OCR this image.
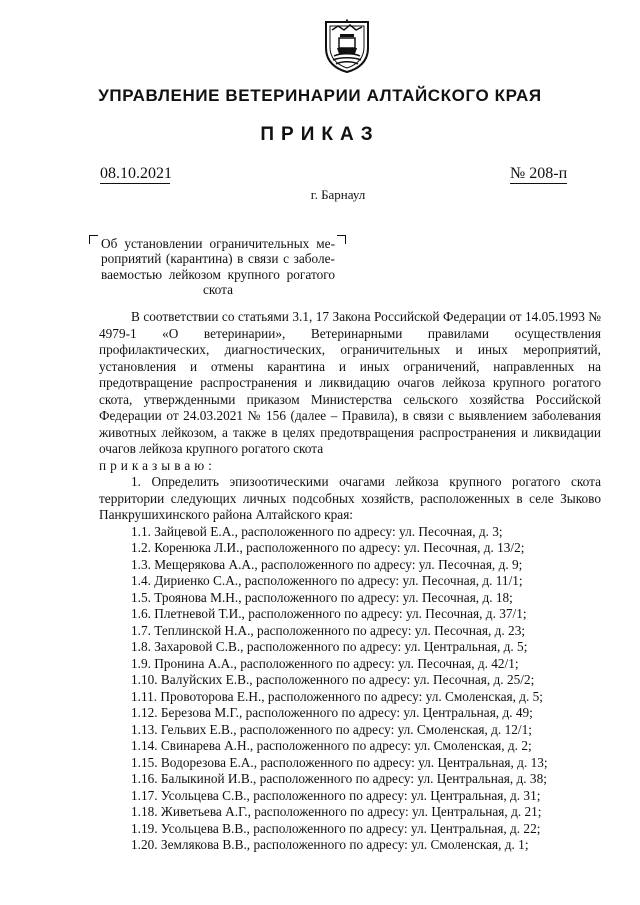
УПРАВЛЕНИЕ ВЕТЕРИНАРИИ АЛТАЙСКОГО КРАЯ
ПРИКАЗ
08.10.2021	№ 208-п
г. Барнаул
Об установлении ограничительных ме-
роприятий (карантина) в связи с заболе-
ваемостью лейкозом крупного рогатого
скота

В соответствии со статьями 3.1, 17 Закона Российской Федерации от 14.05.1993 № 4979-1 «О ветеринарии», Ветеринарными правилами осуществления профилактических, диагностических, ограничительных и иных мероприятий, установления и отмены карантина и иных ограничений, направленных на предотвращение распространения и ликвидацию очагов лейкоза крупного рогатого скота, утвержденными приказом Министерства сельского хозяйства Российской Федерации от 24.03.2021 № 156 (далее – Правила), в связи с выявлением заболевания животных лейкозом, а также в целях предотвращения распространения и ликвидации очагов лейкоза крупного рогатого скота

приказываю:

1. Определить эпизоотическими очагами лейкоза крупного рогатого скота территории следующих личных подсобных хозяйств, расположенных в селе Зыково Панкрушихинского района Алтайского края:

1.1. Зайцевой Е.А., расположенного по адресу: ул. Песочная, д. 3;
1.2. Коренюка Л.И., расположенного по адресу: ул. Песочная, д. 13/2;
1.3. Мещерякова А.А., расположенного по адресу: ул. Песочная, д. 9;
1.4. Дириенко С.А., расположенного по адресу: ул. Песочная, д. 11/1;
1.5. Троянова М.Н., расположенного по адресу: ул. Песочная, д. 18;
1.6. Плетневой Т.И., расположенного по адресу: ул. Песочная, д. 37/1;
1.7. Теплинской Н.А., расположенного по адресу: ул. Песочная, д. 23;
1.8. Захаровой С.В., расположенного по адресу: ул. Центральная, д. 5;
1.9. Пронина А.А., расположенного по адресу: ул. Песочная, д. 42/1;
1.10. Валуйских Е.В., расположенного по адресу: ул. Песочная, д. 25/2;
1.11. Провоторова Е.Н., расположенного по адресу: ул. Смоленская, д. 5;
1.12. Березова М.Г., расположенного по адресу: ул. Центральная, д. 49;
1.13. Гельвих Е.В., расположенного по адресу: ул. Смоленская, д. 12/1;
1.14. Свинарева А.Н., расположенного по адресу: ул. Смоленская, д. 2;
1.15. Водорезова Е.А., расположенного по адресу: ул. Центральная, д. 13;
1.16. Балыкиной И.В., расположенного по адресу: ул. Центральная, д. 38;
1.17. Усольцева С.В., расположенного по адресу: ул. Центральная, д. 31;
1.18. Живетьева А.Г., расположенного по адресу: ул. Центральная, д. 21;
1.19. Усольцева В.В., расположенного по адресу: ул. Центральная, д. 22;
1.20. Землякова В.В., расположенного по адресу: ул. Смоленская, д. 1;
